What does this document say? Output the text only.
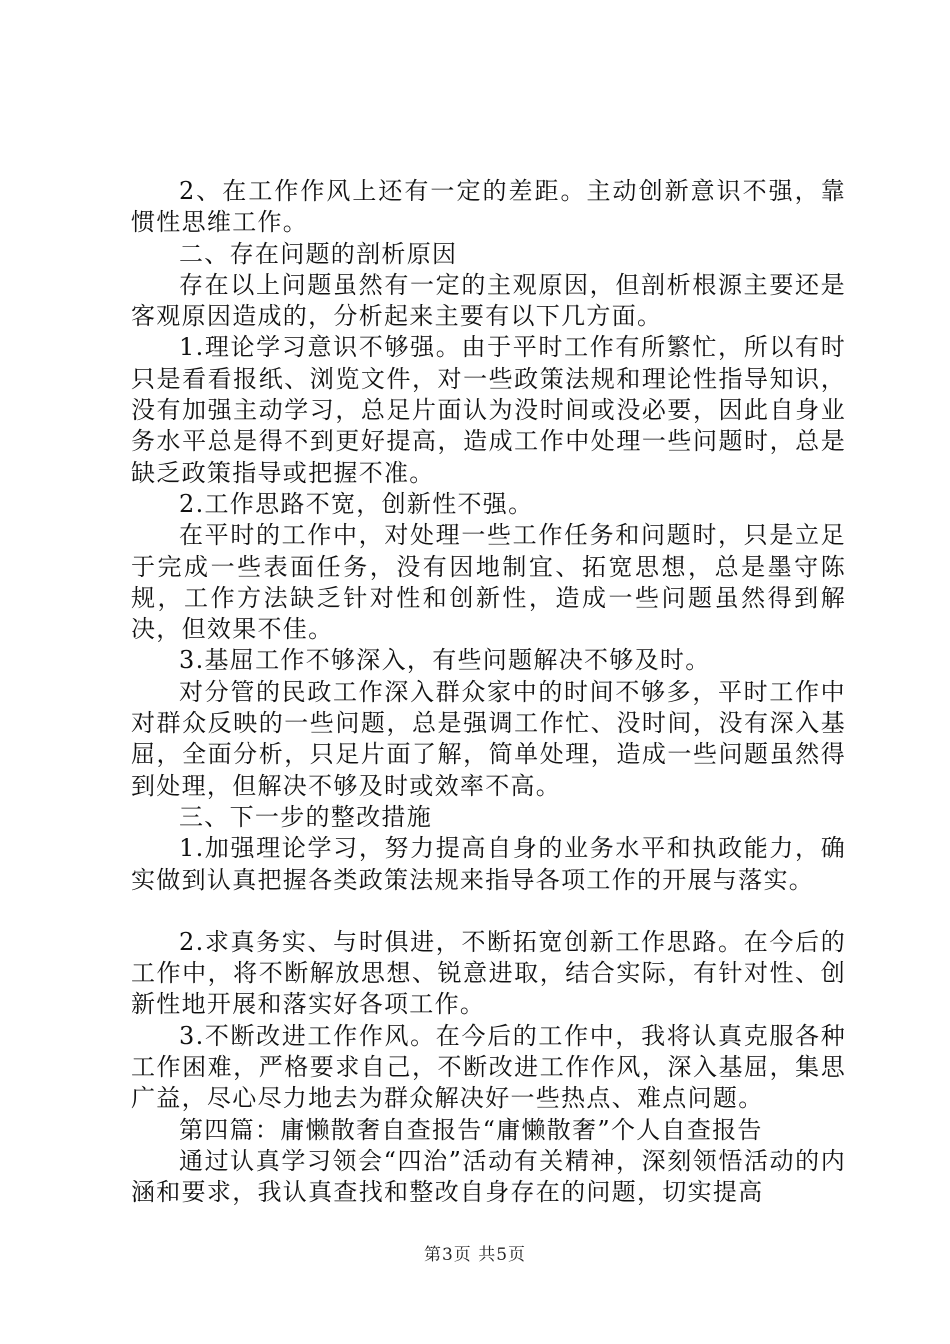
2、在工作作风上还有一定的差距。主动创新意识不强，靠惯性思维工作。

二、存在问题的剖析原因

存在以上问题虽然有一定的主观原因，但剖析根源主要还是客观原因造成的，分析起来主要有以下几方面。

1.理论学习意识不够强。由于平时工作有所繁忙，所以有时只是看看报纸、浏览文件，对一些政策法规和理论性指导知识，没有加强主动学习，总足片面认为没时间或没必要，因此自身业务水平总是得不到更好提高，造成工作中处理一些问题时，总是缺乏政策指导或把握不准。

2.工作思路不宽，创新性不强。

在平时的工作中，对处理一些工作任务和问题时，只是立足于完成一些表面任务，没有因地制宜、拓宽思想，总是墨守陈规，工作方法缺乏针对性和创新性，造成一些问题虽然得到解决，但效果不佳。

3.基屈工作不够深入，有些问题解决不够及时。

对分管的民政工作深入群众家中的时间不够多，平时工作中对群众反映的一些问题，总是强调工作忙、没时间，没有深入基屈，全面分析，只足片面了解，简单处理，造成一些问题虽然得到处理，但解决不够及时或效率不高。

三、下一步的整改措施

1.加强理论学习，努力提高自身的业务水平和执政能力，确实做到认真把握各类政策法规来指导各项工作的开展与落实。

2.求真务实、与时俱进，不断拓宽创新工作思路。在今后的工作中，将不断解放思想、锐意进取，结合实际，有针对性、创新性地开展和落实好各项工作。

3.不断改进工作作风。在今后的工作中，我将认真克服各种工作困难，严格要求自己，不断改进工作作风，深入基屈，集思广益，尽心尽力地去为群众解决好一些热点、难点问题。

第四篇：庸懒散奢自查报告“庸懒散奢”个人自查报告

通过认真学习领会“四治”活动有关精神，深刻领悟活动的内涵和要求，我认真查找和整改自身存在的问题，切实提高

第3页 共5页
